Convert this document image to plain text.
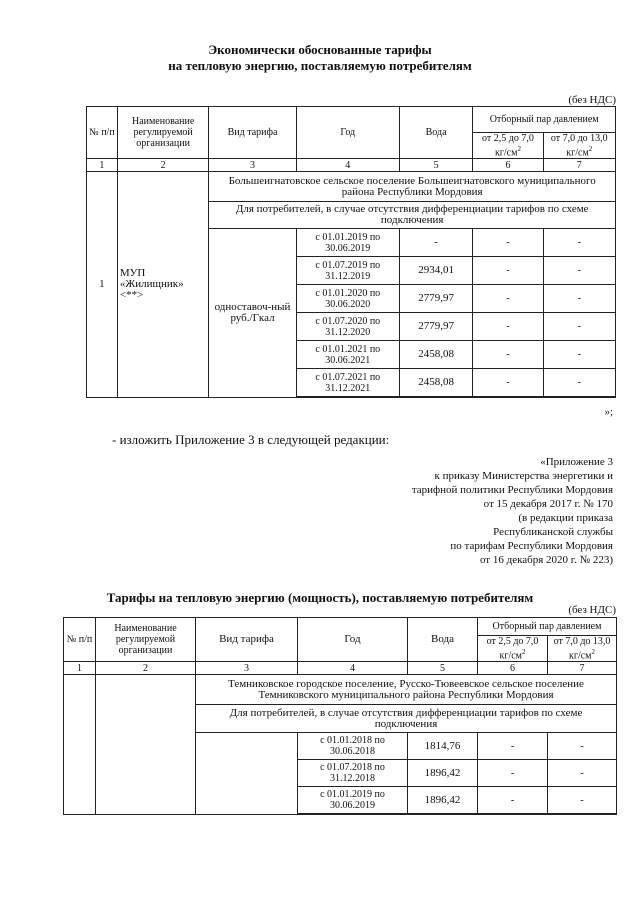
Экономически обоснованные тарифы
на тепловую энергию, поставляемую потребителям
(без НДС)
№ п/п	Наименование регулируемой организации	Вид тарифа	Год	Вода	Отборный пар давлением	
					от 2,5 до 7,0 $кг/см^2$	от 7,0 до 13,0 $кг/см^2$
1	2	3	4	5	6	7
1	МУП «Жилищник» <**>	Большеигнатовское сельское поселение Большеигнатовского муниципального района Республики Мордовия				
		Для потребителей, в случае отсутствия дифференциации тарифов по схеме подключения				
		одноставоч-ный руб./Гкал	с 01.01.2019 по 30.06.2019	-	-	-
			с 01.07.2019 по 31.12.2019	2934,01	-	-
			с 01.01.2020 по 30.06.2020	2779,97	-	-
			с 01.07.2020 по 31.12.2020	2779,97	-	-
			с 01.01.2021 по 30.06.2021	2458,08	-	-
			с 01.07.2021 по 31.12.2021	2458,08	-	-

»;
- изложить Приложение 3 в следующей редакции:
«Приложение 3
к приказу Министерства энергетики и
тарифной политики Республики Мордовия
от 15 декабря 2017 г. № 170
(в редакции приказа
Республиканской службы
по тарифам Республики Мордовия
от 16 декабря 2020 г. № 223)
Тарифы на тепловую энергию (мощность), поставляемую потребителям
(без НДС)
№ п/п	Наименование регулируемой организации	Вид тарифа	Год	Вода	Отборный пар давлением	
					от 2,5 до 7,0 $кг/см^2$	от 7,0 до 13,0 $кг/см^2$
1	2	3	4	5	6	7
		Темниковское городское поселение, Русско-Тювеевское сельское поселение Темниковского муниципального района Республики Мордовия				
		Для потребителей, в случае отсутствия дифференциации тарифов по схеме подключения				
			с 01.01.2018 по 30.06.2018	1814,76	-	-
			с 01.07.2018 по 31.12.2018	1896,42	-	-
			с 01.01.2019 по 30.06.2019	1896,42	-	-
